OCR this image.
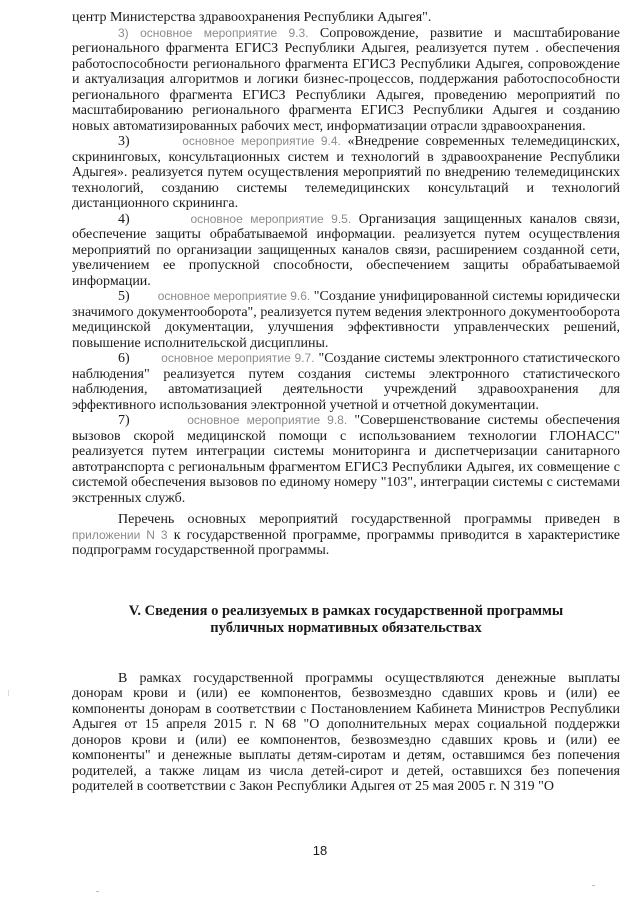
центр Министерства здравоохранения Республики Адыгея".

3) основное мероприятие 9.3. Сопровождение, развитие и масштабирование регионального фрагмента ЕГИСЗ Республики Адыгея, реализуется путем . обеспечения работоспособности регионального фрагмента ЕГИСЗ Республики Адыгея, сопровождение и актуализация алгоритмов и логики бизнес-процессов, поддержания работоспособности регионального фрагмента ЕГИСЗ Республики Адыгея, проведению мероприятий по масштабированию регионального фрагмента ЕГИСЗ Республики Адыгея и созданию новых автоматизированных рабочих мест, информатизации отрасли здравоохранения.

3)	основное мероприятие 9.4. «Внедрение современных телемедицинских, скрининговых, консультационных систем и технологий в здравоохранение Республики Адыгея». реализуется путем осуществления мероприятий по внедрению телемедицинских технологий, созданию системы телемедицинских консультаций и технологий дистанционного скрининга.

4)	основное мероприятие 9.5. Организация защищенных каналов связи, обеспечение защиты обрабатываемой информации. реализуется путем осуществления мероприятий по организации защищенных каналов связи, расширением созданной сети, увеличением ее пропускной способности, обеспечением защиты обрабатываемой информации.

5) основное мероприятие 9.6. "Создание унифицированной системы юридически значимого документооборота", реализуется путем ведения электронного документооборота медицинской документации, улучшения эффективности управленческих решений, повышение исполнительской дисциплины.

6)	основное мероприятие 9.7. "Создание системы электронного статистического наблюдения" реализуется путем создания системы электронного статистического наблюдения, автоматизацией деятельности учреждений здравоохранения для эффективного использования электронной учетной и отчетной документации.

7)	основное мероприятие 9.8. "Совершенствование системы обеспечения вызовов скорой медицинской помощи с использованием технологии ГЛОНАСС" реализуется путем интеграции системы мониторинга и диспетчеризации санитарного автотранспорта с региональным фрагментом ЕГИСЗ Республики Адыгея, их совмещение с системой обеспечения вызовов по единому номеру "103", интеграции системы с системами экстренных служб.

Перечень основных мероприятий государственной программы приведен в приложении N 3 к государственной программе, программы приводится в характеристике подпрограмм государственной программы.

V. Сведения о реализуемых в рамках государственной программы
публичных нормативных обязательствах

В рамках государственной программы осуществляются денежные выплаты донорам крови и (или) ее компонентов, безвозмездно сдавших кровь и (или) ее компоненты донорам в соответствии с Постановлением Кабинета Министров Республики Адыгея от 15 апреля 2015 г. N 68 "О дополнительных мерах социальной поддержки доноров крови и (или) ее компонентов, безвозмездно сдавших кровь и (или) ее компоненты" и денежные выплаты детям-сиротам и детям, оставшимся без попечения родителей, а также лицам из числа детей-сирот и детей, оставшихся без попечения родителей в соответствии с Закон Республики Адыгея от 25 мая 2005 г. N 319 "О

18
